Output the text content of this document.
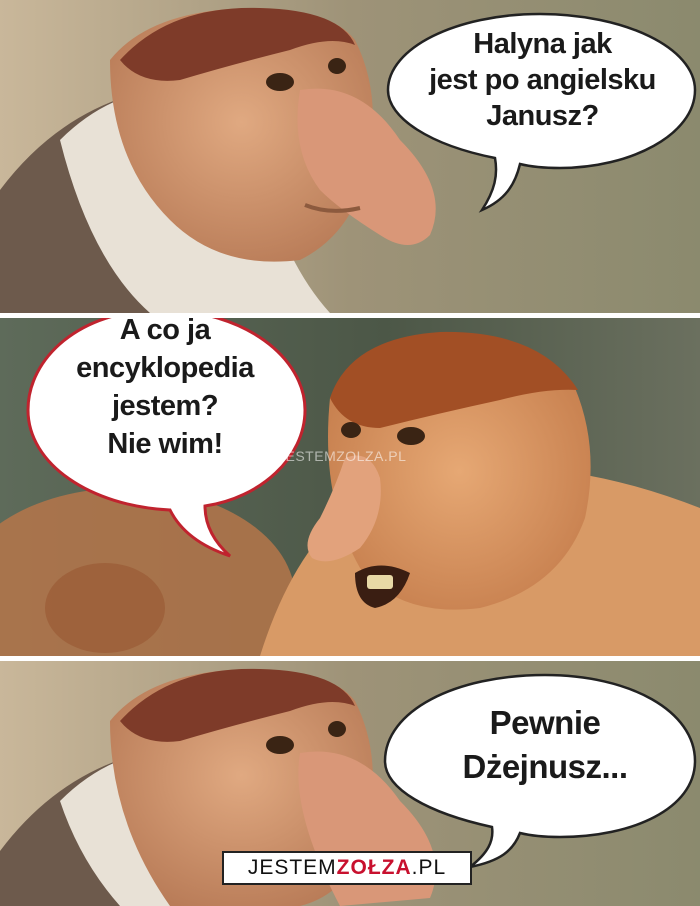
Halyna jak
jest po angielsku
Janusz?
A co ja
encyklopedia
jestem?
Nie wim!	JESTEMZOLZA.PL
Pewnie
Dżejnusz...
JESTEM ZOŁZA .PL
